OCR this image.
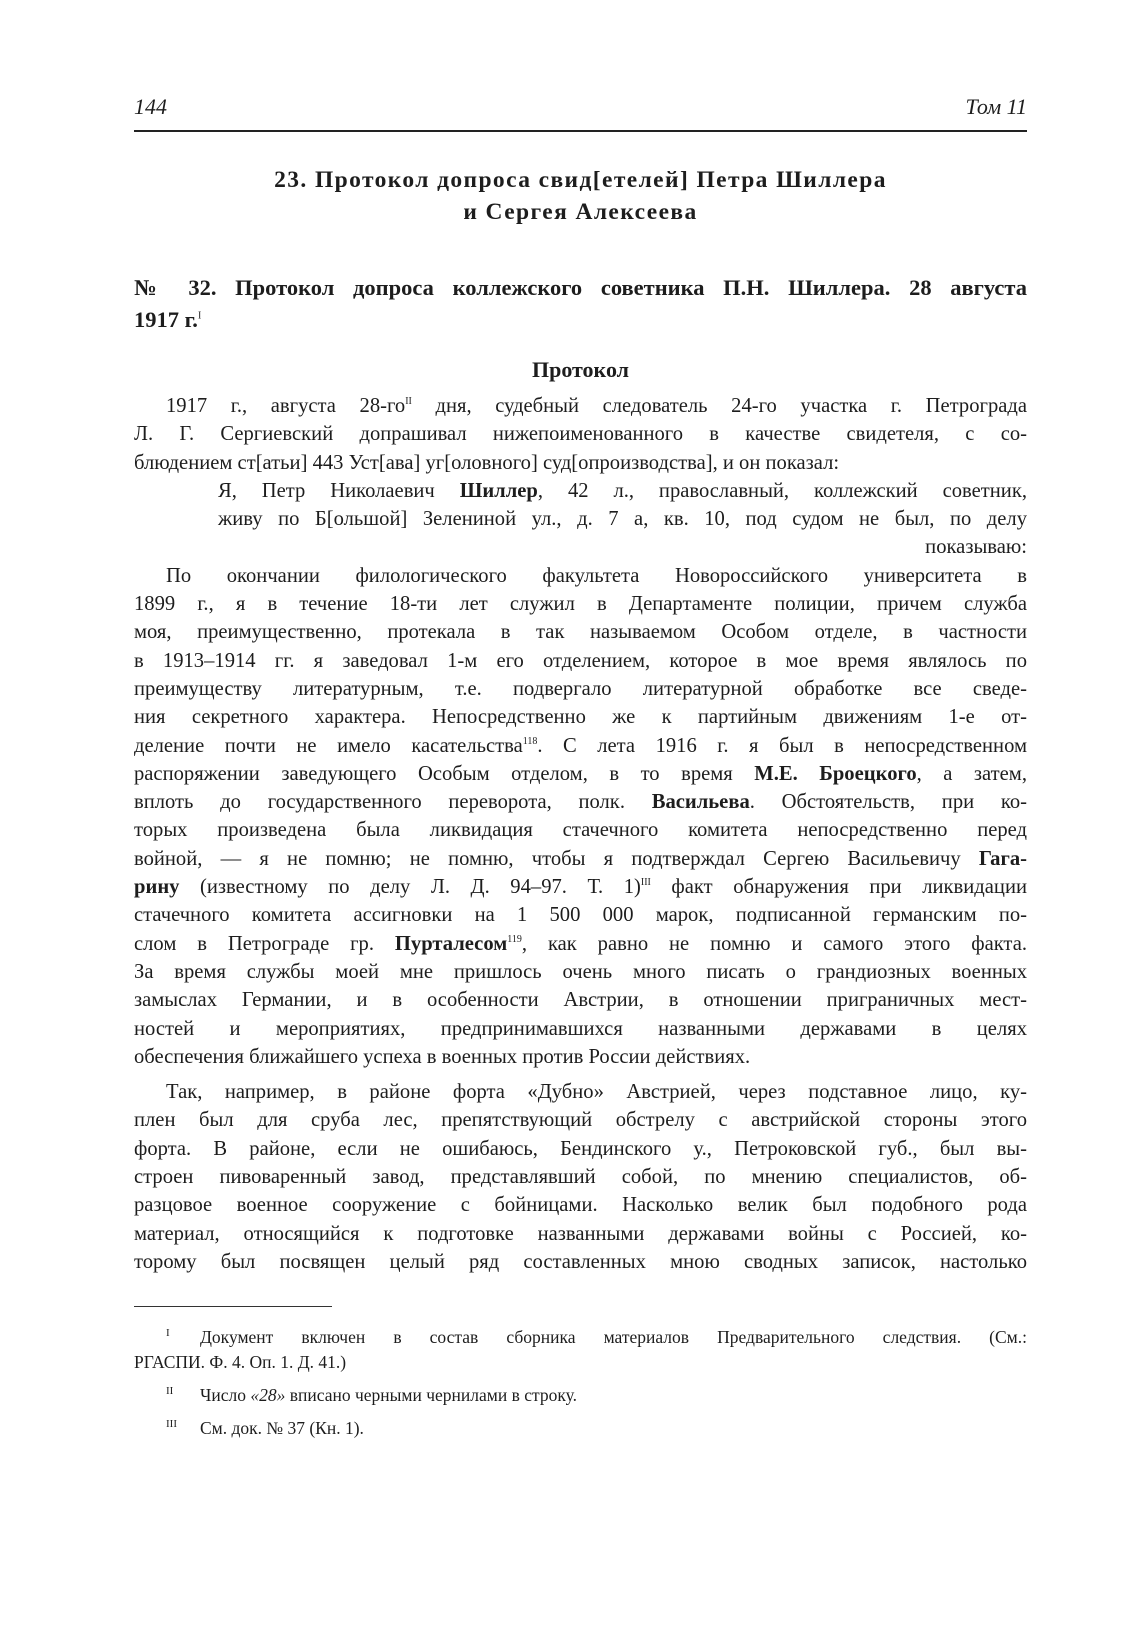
144	Том 11
23. Протокол допроса свид[етелей] Петра Шиллера
и Сергея Алексеева
№ 32. Протокол допроса коллежского советника П.Н. Шиллера. 28 августа
1917 г.$^I$
Протокол
1917 г., августа $28-го^{II}$ дня, судебный следователь 24-го участка г. Петрограда
Л. Г. Сергиевский допрашивал нижепоименованного в качестве свидетеля, с со-
блюдением ст[атьи] 443 Уст[ава] уг[оловного] суд[опроизводства], и он показал:
Я, Петр Николаевич Шиллер, 42 л., православный, коллежский советник,
живу по Б[ольшой] Зелениной ул., д. 7 а, кв. 10, под судом не был, по делу
показываю:
По окончании филологического факультета Новороссийского университета в
1899 г., я в течение 18-ти лет служил в Департаменте полиции, причем служба
моя, преимущественно, протекала в так называемом Особом отделе, в частности
в 1913–1914 гг. я заведовал 1-м его отделением, которое в мое время являлось по
преимуществу литературным, т.е. подвергало литературной обработке все сведе-
ния секретного характера. Непосредственно же к партийным движениям 1-е от-
деление почти не имело касательства$^{118}$. С лета 1916 г. я был в непосредственном
распоряжении заведующего Особым отделом, в то время М.Е. Броецкого, а затем,
вплоть до государственного переворота, полк. Васильева. Обстоятельств, при ко-
торых произведена была ликвидация стачечного комитета непосредственно перед
войной, — я не помню; не помню, чтобы я подтверждал Сергею Васильевичу Гага-
рину (известному по делу Л. Д. 94–97. Т. 1)$^{III}$ факт обнаружения при ликвидации
стачечного комитета ассигновки на 1 500 000 марок, подписанной германским по-
слом в Петрограде гр. Пурталесом$^{119}$, как равно не помню и самого этого факта.
За время службы моей мне пришлось очень много писать о грандиозных военных
замыслах Германии, и в особенности Австрии, в отношении приграничных мест-
ностей и мероприятиях, предпринимавшихся названными державами в целях
обеспечения ближайшего успеха в военных против России действиях.
Так, например, в районе форта «Дубно» Австрией, через подставное лицо, ку-
плен был для сруба лес, препятствующий обстрелу с австрийской стороны этого
форта. В районе, если не ошибаюсь, Бендинского у., Петроковской губ., был вы-
строен пивоваренный завод, представлявший собой, по мнению специалистов, об-
разцовое военное сооружение с бойницами. Насколько велик был подобного рода
материал, относящийся к подготовке названными державами войны с Россией, ко-
торому был посвящен целый ряд составленных мною сводных записок, настолько
I Документ включен в состав сборника материалов Предварительного следствия. (См.:
РГАСПИ. Ф. 4. Оп. 1. Д. 41.)
II Число «28» вписано черными чернилами в строку.
III См. док. № 37 (Кн. 1).
